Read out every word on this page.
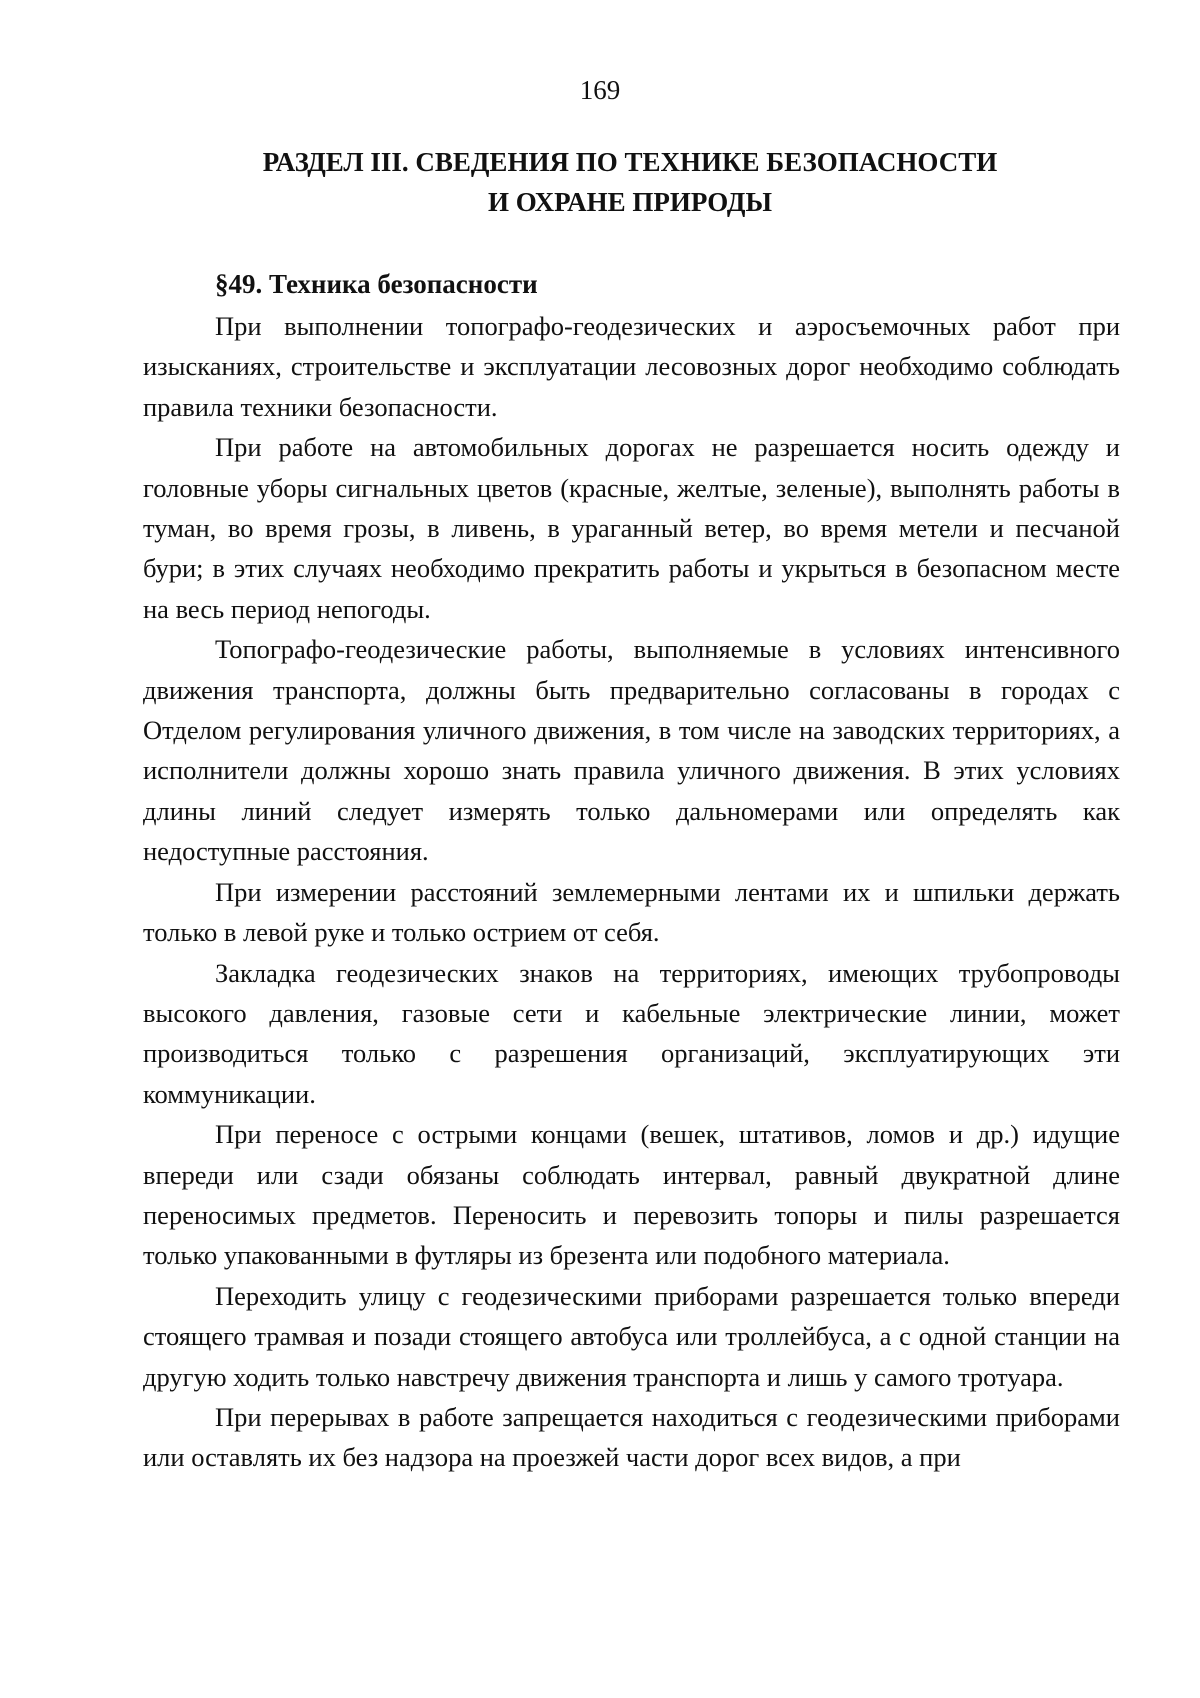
169
РАЗДЕЛ III. СВЕДЕНИЯ ПО ТЕХНИКЕ БЕЗОПАСНОСТИ
И ОХРАНЕ ПРИРОДЫ
§49. Техника безопасности

При выполнении топографо-геодезических и аэросъемочных работ при изысканиях, строительстве и эксплуатации лесовозных дорог необходимо соблюдать правила техники безопасности.

При работе на автомобильных дорогах не разрешается носить одежду и головные уборы сигнальных цветов (красные, желтые, зеленые), выполнять работы в туман, во время грозы, в ливень, в ураганный ветер, во время метели и песчаной бури; в этих случаях необходимо прекратить работы и укрыться в безопасном месте на весь период непогоды.

Топографо-геодезические работы, выполняемые в условиях интенсивного движения транспорта, должны быть предварительно согласованы в городах с Отделом регулирования уличного движения, в том числе на заводских территориях, а исполнители должны хорошо знать правила уличного движения. В этих условиях длины линий следует измерять только дальномерами или определять как недоступные расстояния.

При измерении расстояний землемерными лентами их и шпильки держать только в левой руке и только острием от себя.

Закладка геодезических знаков на территориях, имеющих трубопроводы высокого давления, газовые сети и кабельные электрические линии, может производиться только с разрешения организаций, эксплуатирующих эти коммуникации.

При переносе с острыми концами (вешек, штативов, ломов и др.) идущие впереди или сзади обязаны соблюдать интервал, равный двукратной длине переносимых предметов. Переносить и перевозить топоры и пилы разрешается только упакованными в футляры из брезента или подобного материала.

Переходить улицу с геодезическими приборами разрешается только впереди стоящего трамвая и позади стоящего автобуса или троллейбуса, а с одной станции на другую ходить только навстречу движения транспорта и лишь у самого тротуара.

При перерывах в работе запрещается находиться с геодезическими приборами или оставлять их без надзора на проезжей части дорог всех видов, а при
